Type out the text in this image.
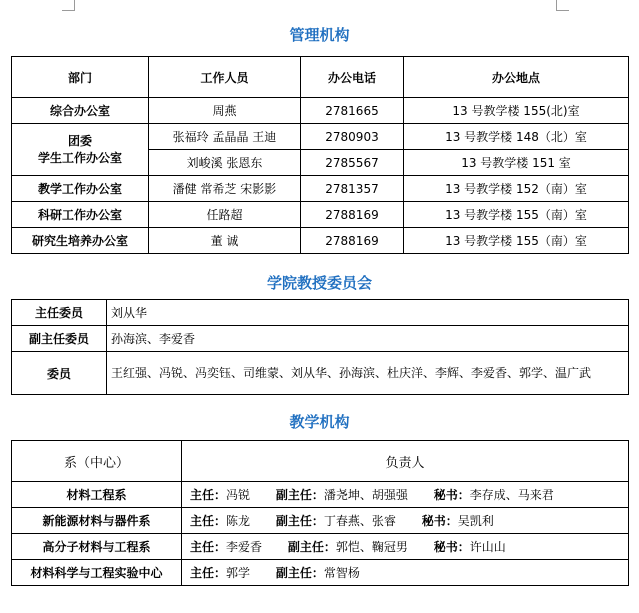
管理机构
部门	工作人员	办公电话	办公地点
综合办公室	周燕	2781665	13 号教学楼 155(北)室
团委
学生工作办公室	张福玲 孟晶晶 王迪	2780903	13 号教学楼 148（北）室
	刘峻溪 张恩东	2785567	13 号教学楼 151 室
教学工作办公室	潘健 常希芝 宋影影	2781357	13 号教学楼 152（南）室
科研工作办公室	任路超	2788169	13 号教学楼 155（南）室
研究生培养办公室	董 诚	2788169	13 号教学楼 155（南）室
学院教授委员会
主任委员	刘从华
副主任委员	孙海滨、李爱香
委员	王红强、冯锐、冯奕钰、司维蒙、刘从华、孙海滨、杜庆洋、李辉、李爱香、郭学、温广武
教学机构
系（中心）	负责人
材料工程系	主任：冯锐 副主任：潘尧坤、胡强强 秘书：李存成、马来君
新能源材料与器件系	主任：陈龙 副主任：丁春燕、张睿 秘书：吴凯利
高分子材料与工程系	主任：李爱香 副主任：郭恺、鞠冠男 秘书：许山山
材料科学与工程实验中心	主任：郭学 副主任：常智杨
